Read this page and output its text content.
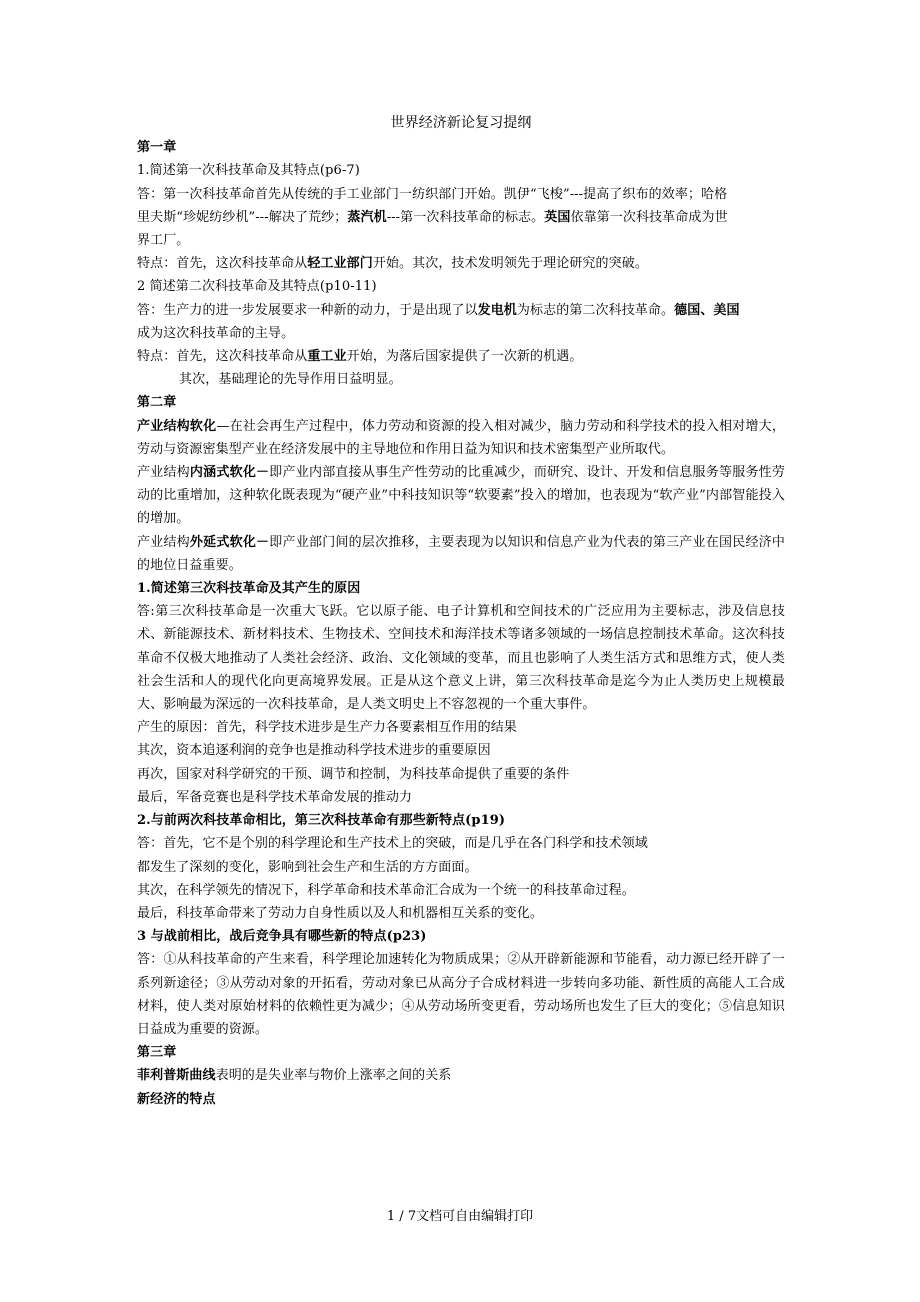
世界经济新论复习提纲
第一章
1.简述第一次科技革命及其特点(p6-7)
答：第一次科技革命首先从传统的手工业部门一纺织部门开始。凯伊“飞梭”---提高了织布的效率；哈格
里夫斯“珍妮纺纱机”---解决了荒纱；蒸汽机---第一次科技革命的标志。英国依靠第一次科技革命成为世
界工厂。
特点：首先，这次科技革命从轻工业部门开始。其次，技术发明领先于理论研究的突破。
2 简述第二次科技革命及其特点(p10-11)
答：生产力的进一步发展要求一种新的动力，于是出现了以发电机为标志的第二次科技革命。德国、美国
成为这次科技革命的主导。
特点：首先，这次科技革命从重工业开始，为落后国家提供了一次新的机遇。
其次，基础理论的先导作用日益明显。
第二章
产业结构软化—在社会再生产过程中，体力劳动和资源的投入相对减少，脑力劳动和科学技术的投入相对增大，劳动与资源密集型产业在经济发展中的主导地位和作用日益为知识和技术密集型产业所取代。
产业结构内涵式软化－即产业内部直接从事生产性劳动的比重减少，而研究、设计、开发和信息服务等服务性劳动的比重增加，这种软化既表现为“硬产业”中科技知识等“软要素”投入的增加，也表现为“软产业”内部智能投入的增加。
产业结构外延式软化－即产业部门间的层次推移，主要表现为以知识和信息产业为代表的第三产业在国民经济中的地位日益重要。
1.简述第三次科技革命及其产生的原因
答:第三次科技革命是一次重大飞跃。它以原子能、电子计算机和空间技术的广泛应用为主要标志，涉及信息技术、新能源技术、新材料技术、生物技术、空间技术和海洋技术等诸多领域的一场信息控制技术革命。这次科技革命不仅极大地推动了人类社会经济、政治、文化领域的变革，而且也影响了人类生活方式和思维方式，使人类社会生活和人的现代化向更高境界发展。正是从这个意义上讲，第三次科技革命是迄今为止人类历史上规模最大、影响最为深远的一次科技革命，是人类文明史上不容忽视的一个重大事件。
产生的原因：首先，科学技术进步是生产力各要素相互作用的结果
其次，资本追逐利润的竞争也是推动科学技术进步的重要原因
再次，国家对科学研究的干预、调节和控制，为科技革命提供了重要的条件
最后，军备竞赛也是科学技术革命发展的推动力
2.与前两次科技革命相比，第三次科技革命有那些新特点(p19)
答：首先，它不是个别的科学理论和生产技术上的突破，而是几乎在各门科学和技术领域
都发生了深刻的变化，影响到社会生产和生活的方方面面。
其次，在科学领先的情况下，科学革命和技术革命汇合成为一个统一的科技革命过程。
最后，科技革命带来了劳动力自身性质以及人和机器相互关系的变化。
3 与战前相比，战后竞争具有哪些新的特点(p23)
答：①从科技革命的产生来看，科学理论加速转化为物质成果；②从开辟新能源和节能看，动力源已经开辟了一系列新途径；③从劳动对象的开拓看，劳动对象已从高分子合成材料进一步转向多功能、新性质的高能人工合成材料，使人类对原始材料的依赖性更为减少；④从劳动场所变更看，劳动场所也发生了巨大的变化；⑤信息知识日益成为重要的资源。
第三章
菲利普斯曲线表明的是失业率与物价上涨率之间的关系
新经济的特点
1 / 7文档可自由编辑打印
